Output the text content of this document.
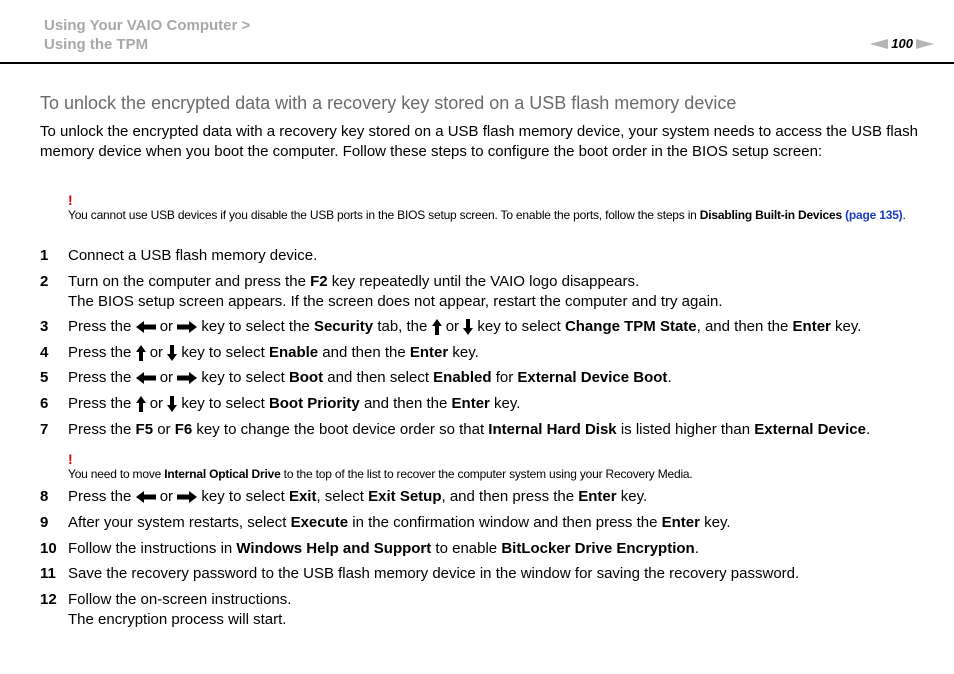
Using Your VAIO Computer >
Using the TPM	100
To unlock the encrypted data with a recovery key stored on a USB flash memory device

To unlock the encrypted data with a recovery key stored on a USB flash memory device, your system needs to access the USB flash memory device when you boot the computer. Follow these steps to configure the boot order in the BIOS setup screen:

!
You cannot use USB devices if you disable the USB ports in the BIOS setup screen. To enable the ports, follow the steps in Disabling Built-in Devices (page 135).
1	Connect a USB flash memory device.
2	Turn on the computer and press the F2 key repeatedly until the VAIO logo disappears.
The BIOS setup screen appears. If the screen does not appear, restart the computer and try again.
3	Press the  or  key to select the Security tab, the  or  key to select Change TPM State, and then the Enter key.
4	Press the  or  key to select Enable and then the Enter key.
5	Press the  or  key to select Boot and then select Enabled for External Device Boot.
6	Press the  or  key to select Boot Priority and then the Enter key.
7	Press the F5 or F6 key to change the boot device order so that Internal Hard Disk is listed higher than External Device.
!
You need to move Internal Optical Drive to the top of the list to recover the computer system using your Recovery Media.
8	Press the  or  key to select Exit, select Exit Setup, and then press the Enter key.
9	After your system restarts, select Execute in the confirmation window and then press the Enter key.
10 Follow the instructions in Windows Help and Support to enable BitLocker Drive Encryption.
11 Save the recovery password to the USB flash memory device in the window for saving the recovery password.
12 Follow the on-screen instructions.
The encryption process will start.
